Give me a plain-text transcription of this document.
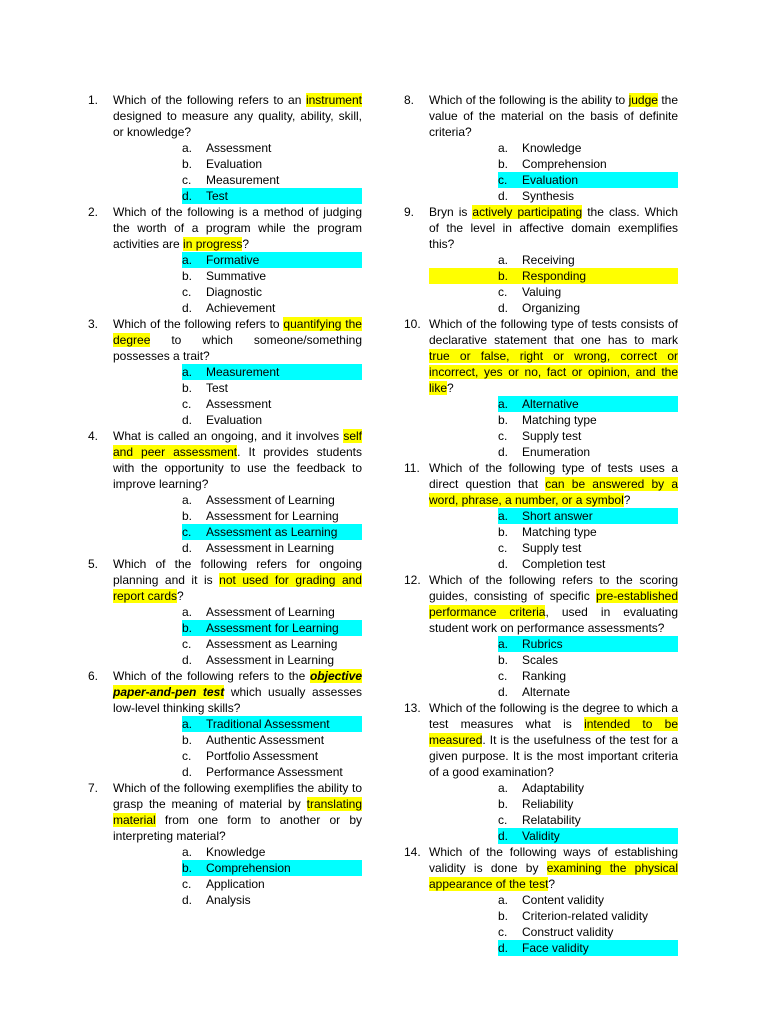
1. Which of the following refers to an instrument designed to measure any quality, ability, skill, or knowledge?
a. Assessment
b. Evaluation
c. Measurement
d. Test
2. Which of the following is a method of judging the worth of a program while the program activities are in progress?
a. Formative
b. Summative
c. Diagnostic
d. Achievement
3. Which of the following refers to quantifying the degree to which someone/something possesses a trait?
a. Measurement
b. Test
c. Assessment
d. Evaluation
4. What is called an ongoing, and it involves self and peer assessment. It provides students with the opportunity to use the feedback to improve learning?
a. Assessment of Learning
b. Assessment for Learning
c. Assessment as Learning
d. Assessment in Learning
5. Which of the following refers for ongoing planning and it is not used for grading and report cards?
a. Assessment of Learning
b. Assessment for Learning
c. Assessment as Learning
d. Assessment in Learning
6. Which of the following refers to the objective paper-and-pen test which usually assesses low-level thinking skills?
a. Traditional Assessment
b. Authentic Assessment
c. Portfolio Assessment
d. Performance Assessment
7. Which of the following exemplifies the ability to grasp the meaning of material by translating material from one form to another or by interpreting material?
a. Knowledge
b. Comprehension
c. Application
d. Analysis
8. Which of the following is the ability to judge the value of the material on the basis of definite criteria?
a. Knowledge
b. Comprehension
c. Evaluation
d. Synthesis
9. Bryn is actively participating the class. Which of the level in affective domain exemplifies this?
a. Receiving
b. Responding
c. Valuing
d. Organizing
10. Which of the following type of tests consists of declarative statement that one has to mark true or false, right or wrong, correct or incorrect, yes or no, fact or opinion, and the like?
a. Alternative
b. Matching type
c. Supply test
d. Enumeration
11. Which of the following type of tests uses a direct question that can be answered by a word, phrase, a number, or a symbol?
a. Short answer
b. Matching type
c. Supply test
d. Completion test
12. Which of the following refers to the scoring guides, consisting of specific pre-established performance criteria, used in evaluating student work on performance assessments?
a. Rubrics
b. Scales
c. Ranking
d. Alternate
13. Which of the following is the degree to which a test measures what is intended to be measured. It is the usefulness of the test for a given purpose. It is the most important criteria of a good examination?
a. Adaptability
b. Reliability
c. Relatability
d. Validity
14. Which of the following ways of establishing validity is done by examining the physical appearance of the test?
a. Content validity
b. Criterion-related validity
c. Construct validity
d. Face validity
